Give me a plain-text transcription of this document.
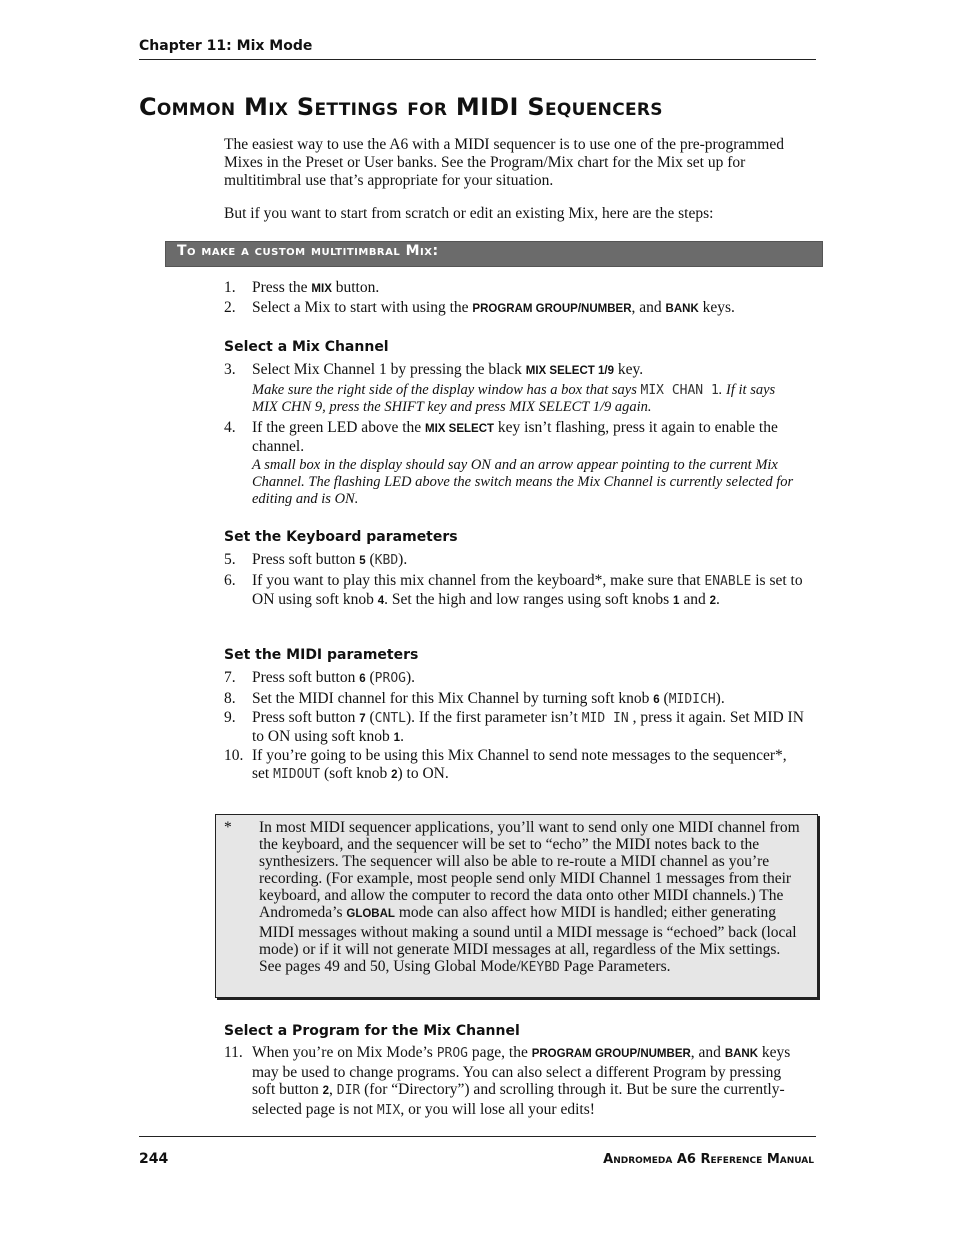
Chapter 11: Mix Mode
Common Mix Settings for MIDI Sequencers
The easiest way to use the A6 with a MIDI sequencer is to use one of the pre-programmed Mixes in the Preset or User banks. See the Program/Mix chart for the Mix set up for multitimbral use that’s appropriate for your situation.
But if you want to start from scratch or edit an existing Mix, here are the steps:
To make a custom multitimbral Mix:
1. Press the MIX button.
2. Select a Mix to start with using the PROGRAM GROUP/NUMBER, and BANK keys.
Select a Mix Channel
3. Select Mix Channel 1 by pressing the black MIX SELECT 1/9 key.
Make sure the right side of the display window has a box that says MIX CHAN 1. If it says MIX CHN 9, press the SHIFT key and press MIX SELECT 1/9 again.
4. If the green LED above the MIX SELECT key isn’t flashing, press it again to enable the channel.
A small box in the display should say ON and an arrow appear pointing to the current Mix Channel. The flashing LED above the switch means the Mix Channel is currently selected for editing and is ON.
Set the Keyboard parameters
5. Press soft button 5 (KBD).
6. If you want to play this mix channel from the keyboard*, make sure that ENABLE is set to ON using soft knob 4. Set the high and low ranges using soft knobs 1 and 2.
Set the MIDI parameters
7. Press soft button 6 (PROG).
8. Set the MIDI channel for this Mix Channel by turning soft knob 6 (MIDICH).
9. Press soft button 7 (CNTL). If the first parameter isn’t MID IN , press it again. Set MID IN to ON using soft knob 1.
10. If you’re going to be using this Mix Channel to send note messages to the sequencer*, set MIDOUT (soft knob 2) to ON.
* In most MIDI sequencer applications, you’ll want to send only one MIDI channel from the keyboard, and the sequencer will be set to “echo” the MIDI notes back to the synthesizers. The sequencer will also be able to re-route a MIDI channel as you’re recording. (For example, most people send only MIDI Channel 1 messages from their keyboard, and allow the computer to record the data onto other MIDI channels.) The Andromeda’s GLOBAL mode can also affect how MIDI is handled; either generating MIDI messages without making a sound until a MIDI message is “echoed” back (local mode) or if it will not generate MIDI messages at all, regardless of the Mix settings. See pages 49 and 50, Using Global Mode/KEYBD Page Parameters.
Select a Program for the Mix Channel
11. When you’re on Mix Mode’s PROG page, the PROGRAM GROUP/NUMBER, and BANK keys may be used to change programs. You can also select a different Program by pressing soft button 2, DIR (for “Directory”) and scrolling through it. But be sure the currently-selected page is not MIX, or you will lose all your edits!
244	Andromeda A6 Reference Manual
